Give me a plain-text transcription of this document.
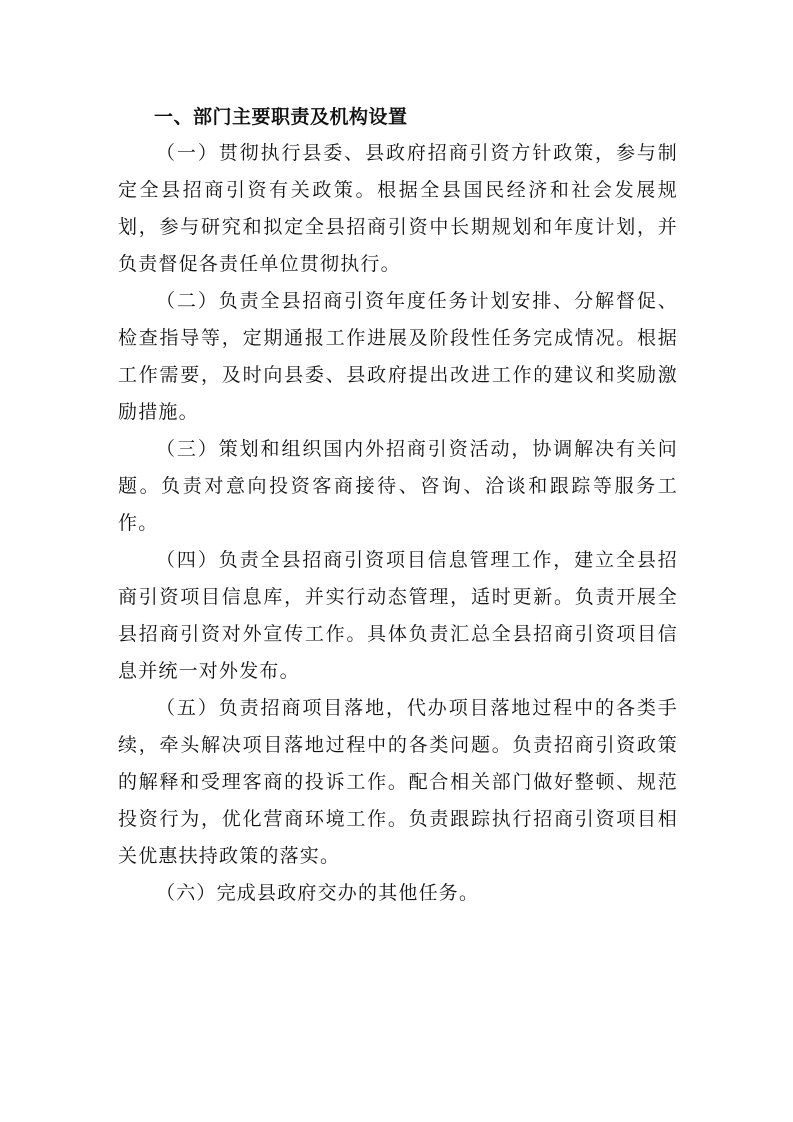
一、部门主要职责及机构设置

（一）贯彻执行县委、县政府招商引资方针政策，参与制定全县招商引资有关政策。根据全县国民经济和社会发展规划，参与研究和拟定全县招商引资中长期规划和年度计划，并负责督促各责任单位贯彻执行。

（二）负责全县招商引资年度任务计划安排、分解督促、检查指导等，定期通报工作进展及阶段性任务完成情况。根据工作需要，及时向县委、县政府提出改进工作的建议和奖励激励措施。

（三）策划和组织国内外招商引资活动，协调解决有关问题。负责对意向投资客商接待、咨询、洽谈和跟踪等服务工作。

（四）负责全县招商引资项目信息管理工作，建立全县招商引资项目信息库，并实行动态管理，适时更新。负责开展全县招商引资对外宣传工作。具体负责汇总全县招商引资项目信息并统一对外发布。

（五）负责招商项目落地，代办项目落地过程中的各类手续，牵头解决项目落地过程中的各类问题。负责招商引资政策的解释和受理客商的投诉工作。配合相关部门做好整顿、规范投资行为，优化营商环境工作。负责跟踪执行招商引资项目相关优惠扶持政策的落实。

（六）完成县政府交办的其他任务。
